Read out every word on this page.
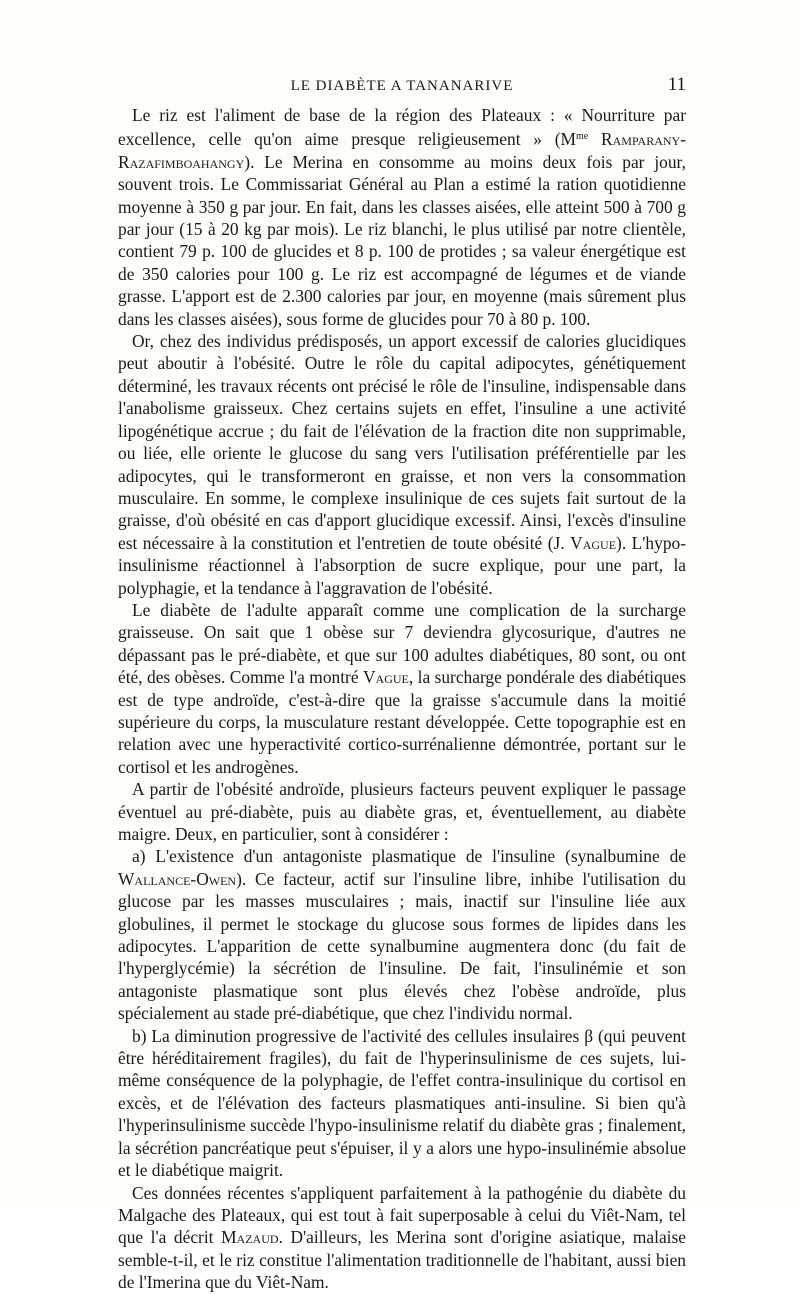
LE DIABÈTE A TANANARIVE	11

Le riz est l'aliment de base de la région des Plateaux : « Nourriture par excellence, celle qu'on aime presque religieusement » ($M^{me}$ Ramparany-Razafimboahangy). Le Merina en consomme au moins deux fois par jour, souvent trois. Le Commissariat Général au Plan a estimé la ration quotidienne moyenne à 350 g par jour. En fait, dans les classes aisées, elle atteint 500 à 700 g par jour (15 à 20 kg par mois). Le riz blanchi, le plus utilisé par notre clientèle, contient 79 p. 100 de glucides et 8 p. 100 de protides ; sa valeur énergétique est de 350 calories pour 100 g. Le riz est accompagné de légumes et de viande grasse. L'apport est de 2.300 calories par jour, en moyenne (mais sûrement plus dans les classes aisées), sous forme de glucides pour 70 à 80 p. 100.

Or, chez des individus prédisposés, un apport excessif de calories glucidiques peut aboutir à l'obésité. Outre le rôle du capital adipocytes, génétiquement déterminé, les travaux récents ont précisé le rôle de l'insuline, indispensable dans l'anabolisme graisseux. Chez certains sujets en effet, l'insuline a une activité lipogénétique accrue ; du fait de l'élévation de la fraction dite non supprimable, ou liée, elle oriente le glucose du sang vers l'utilisation préférentielle par les adipocytes, qui le transformeront en graisse, et non vers la consommation musculaire. En somme, le complexe insulinique de ces sujets fait surtout de la graisse, d'où obésité en cas d'apport glucidique excessif. Ainsi, l'excès d'insuline est nécessaire à la constitution et l'entretien de toute obésité (J. Vague). L'hypo-insulinisme réactionnel à l'absorption de sucre explique, pour une part, la polyphagie, et la tendance à l'aggravation de l'obésité.

Le diabète de l'adulte apparaît comme une complication de la surcharge graisseuse. On sait que 1 obèse sur 7 deviendra glycosurique, d'autres ne dépassant pas le pré-diabète, et que sur 100 adultes diabétiques, 80 sont, ou ont été, des obèses. Comme l'a montré Vague, la surcharge pondérale des diabétiques est de type androïde, c'est-à-dire que la graisse s'accumule dans la moitié supérieure du corps, la musculature restant développée. Cette topographie est en relation avec une hyperactivité cortico-surrénalienne démontrée, portant sur le cortisol et les androgènes.

A partir de l'obésité androïde, plusieurs facteurs peuvent expliquer le passage éventuel au pré-diabète, puis au diabète gras, et, éventuellement, au diabète maigre. Deux, en particulier, sont à considérer :

a) L'existence d'un antagoniste plasmatique de l'insuline (synalbumine de Wallance-Owen). Ce facteur, actif sur l'insuline libre, inhibe l'utilisation du glucose par les masses musculaires ; mais, inactif sur l'insuline liée aux globulines, il permet le stockage du glucose sous formes de lipides dans les adipocytes. L'apparition de cette synalbumine augmentera donc (du fait de l'hyperglycémie) la sécrétion de l'insuline. De fait, l'insulinémie et son antagoniste plasmatique sont plus élevés chez l'obèse androïde, plus spécialement au stade pré-diabétique, que chez l'individu normal.

b) La diminution progressive de l'activité des cellules insulaires β (qui peuvent être héréditairement fragiles), du fait de l'hyperinsulinisme de ces sujets, lui-même conséquence de la polyphagie, de l'effet contra-insulinique du cortisol en excès, et de l'élévation des facteurs plasmatiques anti-insuline. Si bien qu'à l'hyperinsulinisme succède l'hypo-insulinisme relatif du diabète gras ; finalement, la sécrétion pancréatique peut s'épuiser, il y a alors une hypo-insulinémie absolue et le diabétique maigrit.

Ces données récentes s'appliquent parfaitement à la pathogénie du diabète du Malgache des Plateaux, qui est tout à fait superposable à celui du Viêt-Nam, tel que l'a décrit Mazaud. D'ailleurs, les Merina sont d'origine asiatique, malaise semble-t-il, et le riz constitue l'alimentation traditionnelle de l'habitant, aussi bien de l'Imerina que du Viêt-Nam.
